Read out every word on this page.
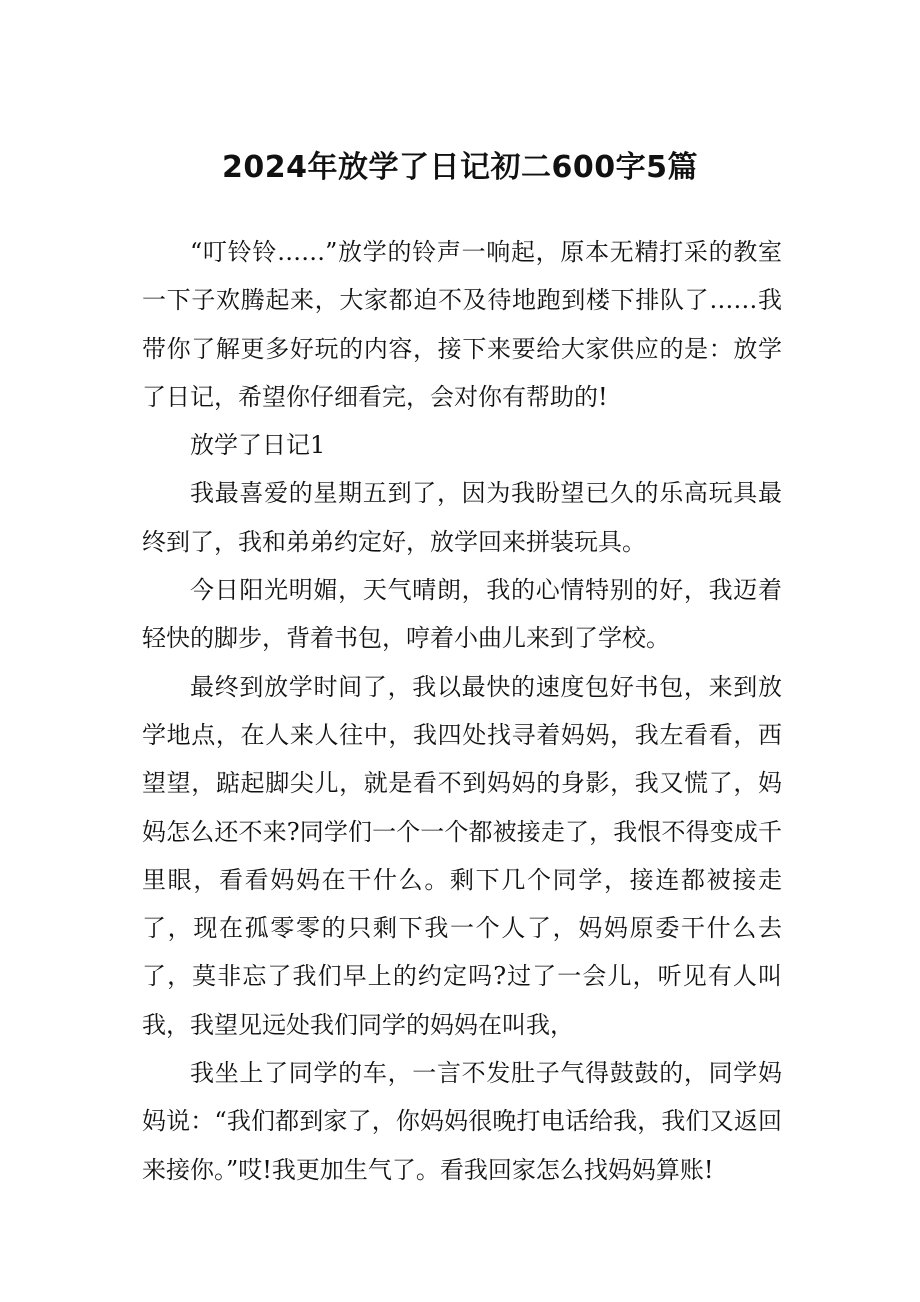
2024年放学了日记初二600字5篇

“叮铃铃……”放学的铃声一响起，原本无精打采的教室一下子欢腾起来，大家都迫不及待地跑到楼下排队了……我带你了解更多好玩的内容，接下来要给大家供应的是：放学了日记，希望你仔细看完，会对你有帮助的!

放学了日记1

我最喜爱的星期五到了，因为我盼望已久的乐高玩具最终到了，我和弟弟约定好，放学回来拼装玩具。

今日阳光明媚，天气晴朗，我的心情特别的好，我迈着轻快的脚步，背着书包，哼着小曲儿来到了学校。

最终到放学时间了，我以最快的速度包好书包，来到放学地点，在人来人往中，我四处找寻着妈妈，我左看看，西望望，踮起脚尖儿，就是看不到妈妈的身影，我又慌了，妈妈怎么还不来?同学们一个一个都被接走了，我恨不得变成千里眼，看看妈妈在干什么。剩下几个同学，接连都被接走了，现在孤零零的只剩下我一个人了，妈妈原委干什么去了，莫非忘了我们早上的约定吗?过了一会儿，听见有人叫我，我望见远处我们同学的妈妈在叫我，

我坐上了同学的车，一言不发肚子气得鼓鼓的，同学妈妈说：“我们都到家了，你妈妈很晚打电话给我，我们又返回来接你。”哎!我更加生气了。看我回家怎么找妈妈算账!
